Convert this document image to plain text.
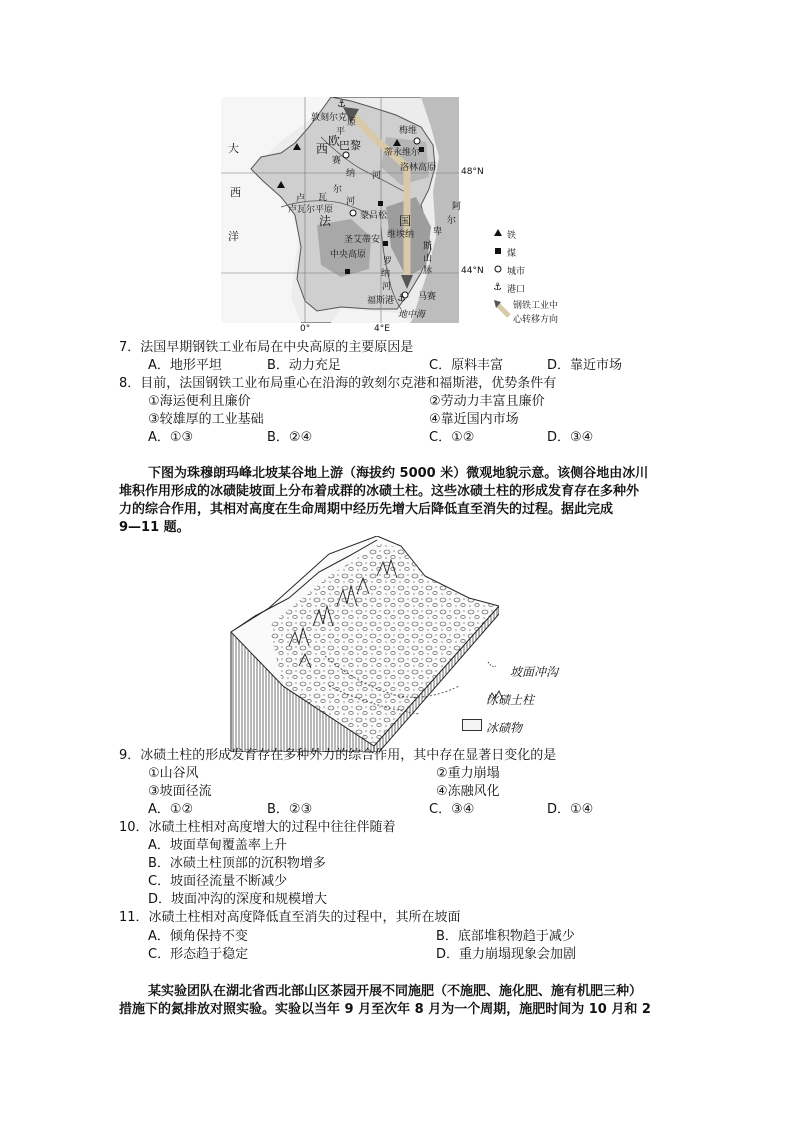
⚓
⚓
敦刻尔克 原
平
欧
西 巴黎
赛
纳 河
梅维
蒂永维尔
洛林高原
大
西
洋
卢 瓦
尔
河
卢瓦尔平原
法	国
蒙吕松
圣艾蒂安 维埃纳
中央高原
罗
纳
河
福斯港	马赛
地中海
阿
尔
卑
斯
山
脉
48°N
44°N
0°	4°E
⚓
铁
煤
城市
港口
钢铁工业中
心转移方向
7．法国早期钢铁工业布局在中央高原的主要原因是
A．地形平坦	B．动力充足	C．原料丰富	D．靠近市场
8．目前，法国钢铁工业布局重心在沿海的敦刻尔克港和福斯港，优势条件有
①海运便利且廉价	②劳动力丰富且廉价
③较雄厚的工业基础	④靠近国内市场
A．①③	B．②④	C．①②	D．③④
下图为珠穆朗玛峰北坡某谷地上游（海拔约 5000 米）微观地貌示意。该侧谷地由冰川
堆积作用形成的冰碛陡坡面上分布着成群的冰碛土柱。这些冰碛土柱的形成发育存在多种外
力的综合作用，其相对高度在生命周期中经历先增大后降低直至消失的过程。据此完成
9—11 题。
坡面冲沟
冰碛土柱
冰碛物
9．冰碛土柱的形成发育存在多种外力的综合作用，其中存在显著日变化的是
①山谷风	②重力崩塌
③坡面径流	④冻融风化
A．①②	B．②③	C．③④	D．①④
10．冰碛土柱相对高度增大的过程中往往伴随着
A．坡面草甸覆盖率上升
B．冰碛土柱顶部的沉积物增多
C．坡面径流量不断减少
D．坡面冲沟的深度和规模增大
11．冰碛土柱相对高度降低直至消失的过程中，其所在坡面
A．倾角保持不变	B．底部堆积物趋于减少
C．形态趋于稳定	D．重力崩塌现象会加剧
某实验团队在湖北省西北部山区茶园开展不同施肥（不施肥、施化肥、施有机肥三种）
措施下的氮排放对照实验。实验以当年 9 月至次年 8 月为一个周期，施肥时间为 10 月和 2
